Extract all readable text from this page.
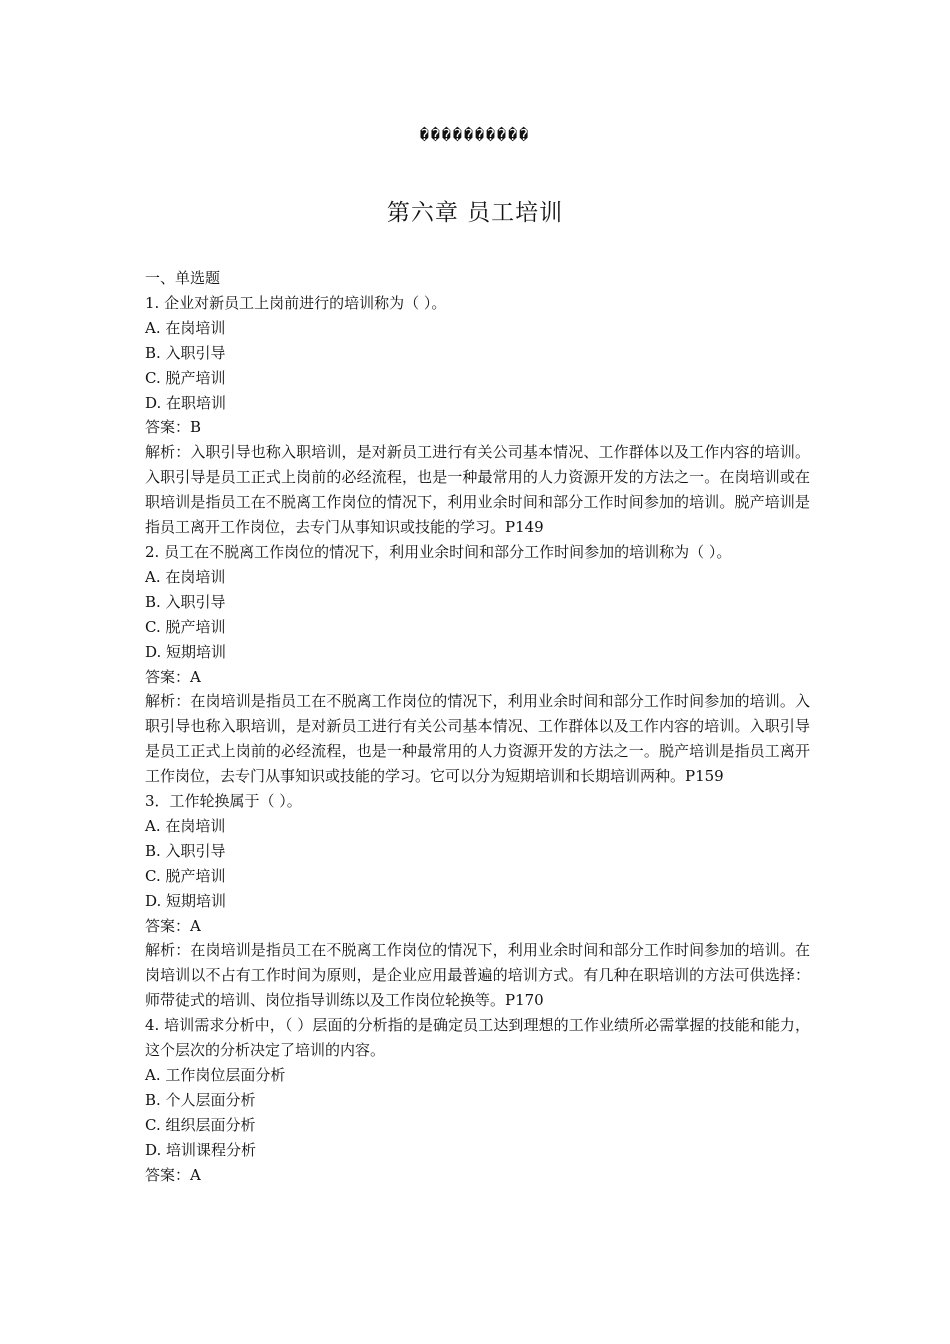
����������
第六章 员工培训
一、单选题
1. 企业对新员工上岗前进行的培训称为（ ）。
A. 在岗培训
B. 入职引导
C. 脱产培训
D. 在职培训
答案：B
解析：入职引导也称入职培训，是对新员工进行有关公司基本情况、工作群体以及工作内容的培训。入职引导是员工正式上岗前的必经流程，也是一种最常用的人力资源开发的方法之一。在岗培训或在职培训是指员工在不脱离工作岗位的情况下，利用业余时间和部分工作时间参加的培训。脱产培训是指员工离开工作岗位，去专门从事知识或技能的学习。P149
2. 员工在不脱离工作岗位的情况下，利用业余时间和部分工作时间参加的培训称为（ ）。
A. 在岗培训
B. 入职引导
C. 脱产培训
D. 短期培训
答案：A
解析：在岗培训是指员工在不脱离工作岗位的情况下，利用业余时间和部分工作时间参加的培训。入职引导也称入职培训，是对新员工进行有关公司基本情况、工作群体以及工作内容的培训。入职引导是员工正式上岗前的必经流程，也是一种最常用的人力资源开发的方法之一。脱产培训是指员工离开工作岗位，去专门从事知识或技能的学习。它可以分为短期培训和长期培训两种。P159
3．工作轮换属于（ ）。
A. 在岗培训
B. 入职引导
C. 脱产培训
D. 短期培训
答案：A
解析：在岗培训是指员工在不脱离工作岗位的情况下，利用业余时间和部分工作时间参加的培训。在岗培训以不占有工作时间为原则，是企业应用最普遍的培训方式。有几种在职培训的方法可供选择：师带徒式的培训、岗位指导训练以及工作岗位轮换等。P170
4. 培训需求分析中，（ ）层面的分析指的是确定员工达到理想的工作业绩所必需掌握的技能和能力，这个层次的分析决定了培训的内容。
A. 工作岗位层面分析
B. 个人层面分析
C. 组织层面分析
D. 培训课程分析
答案：A
